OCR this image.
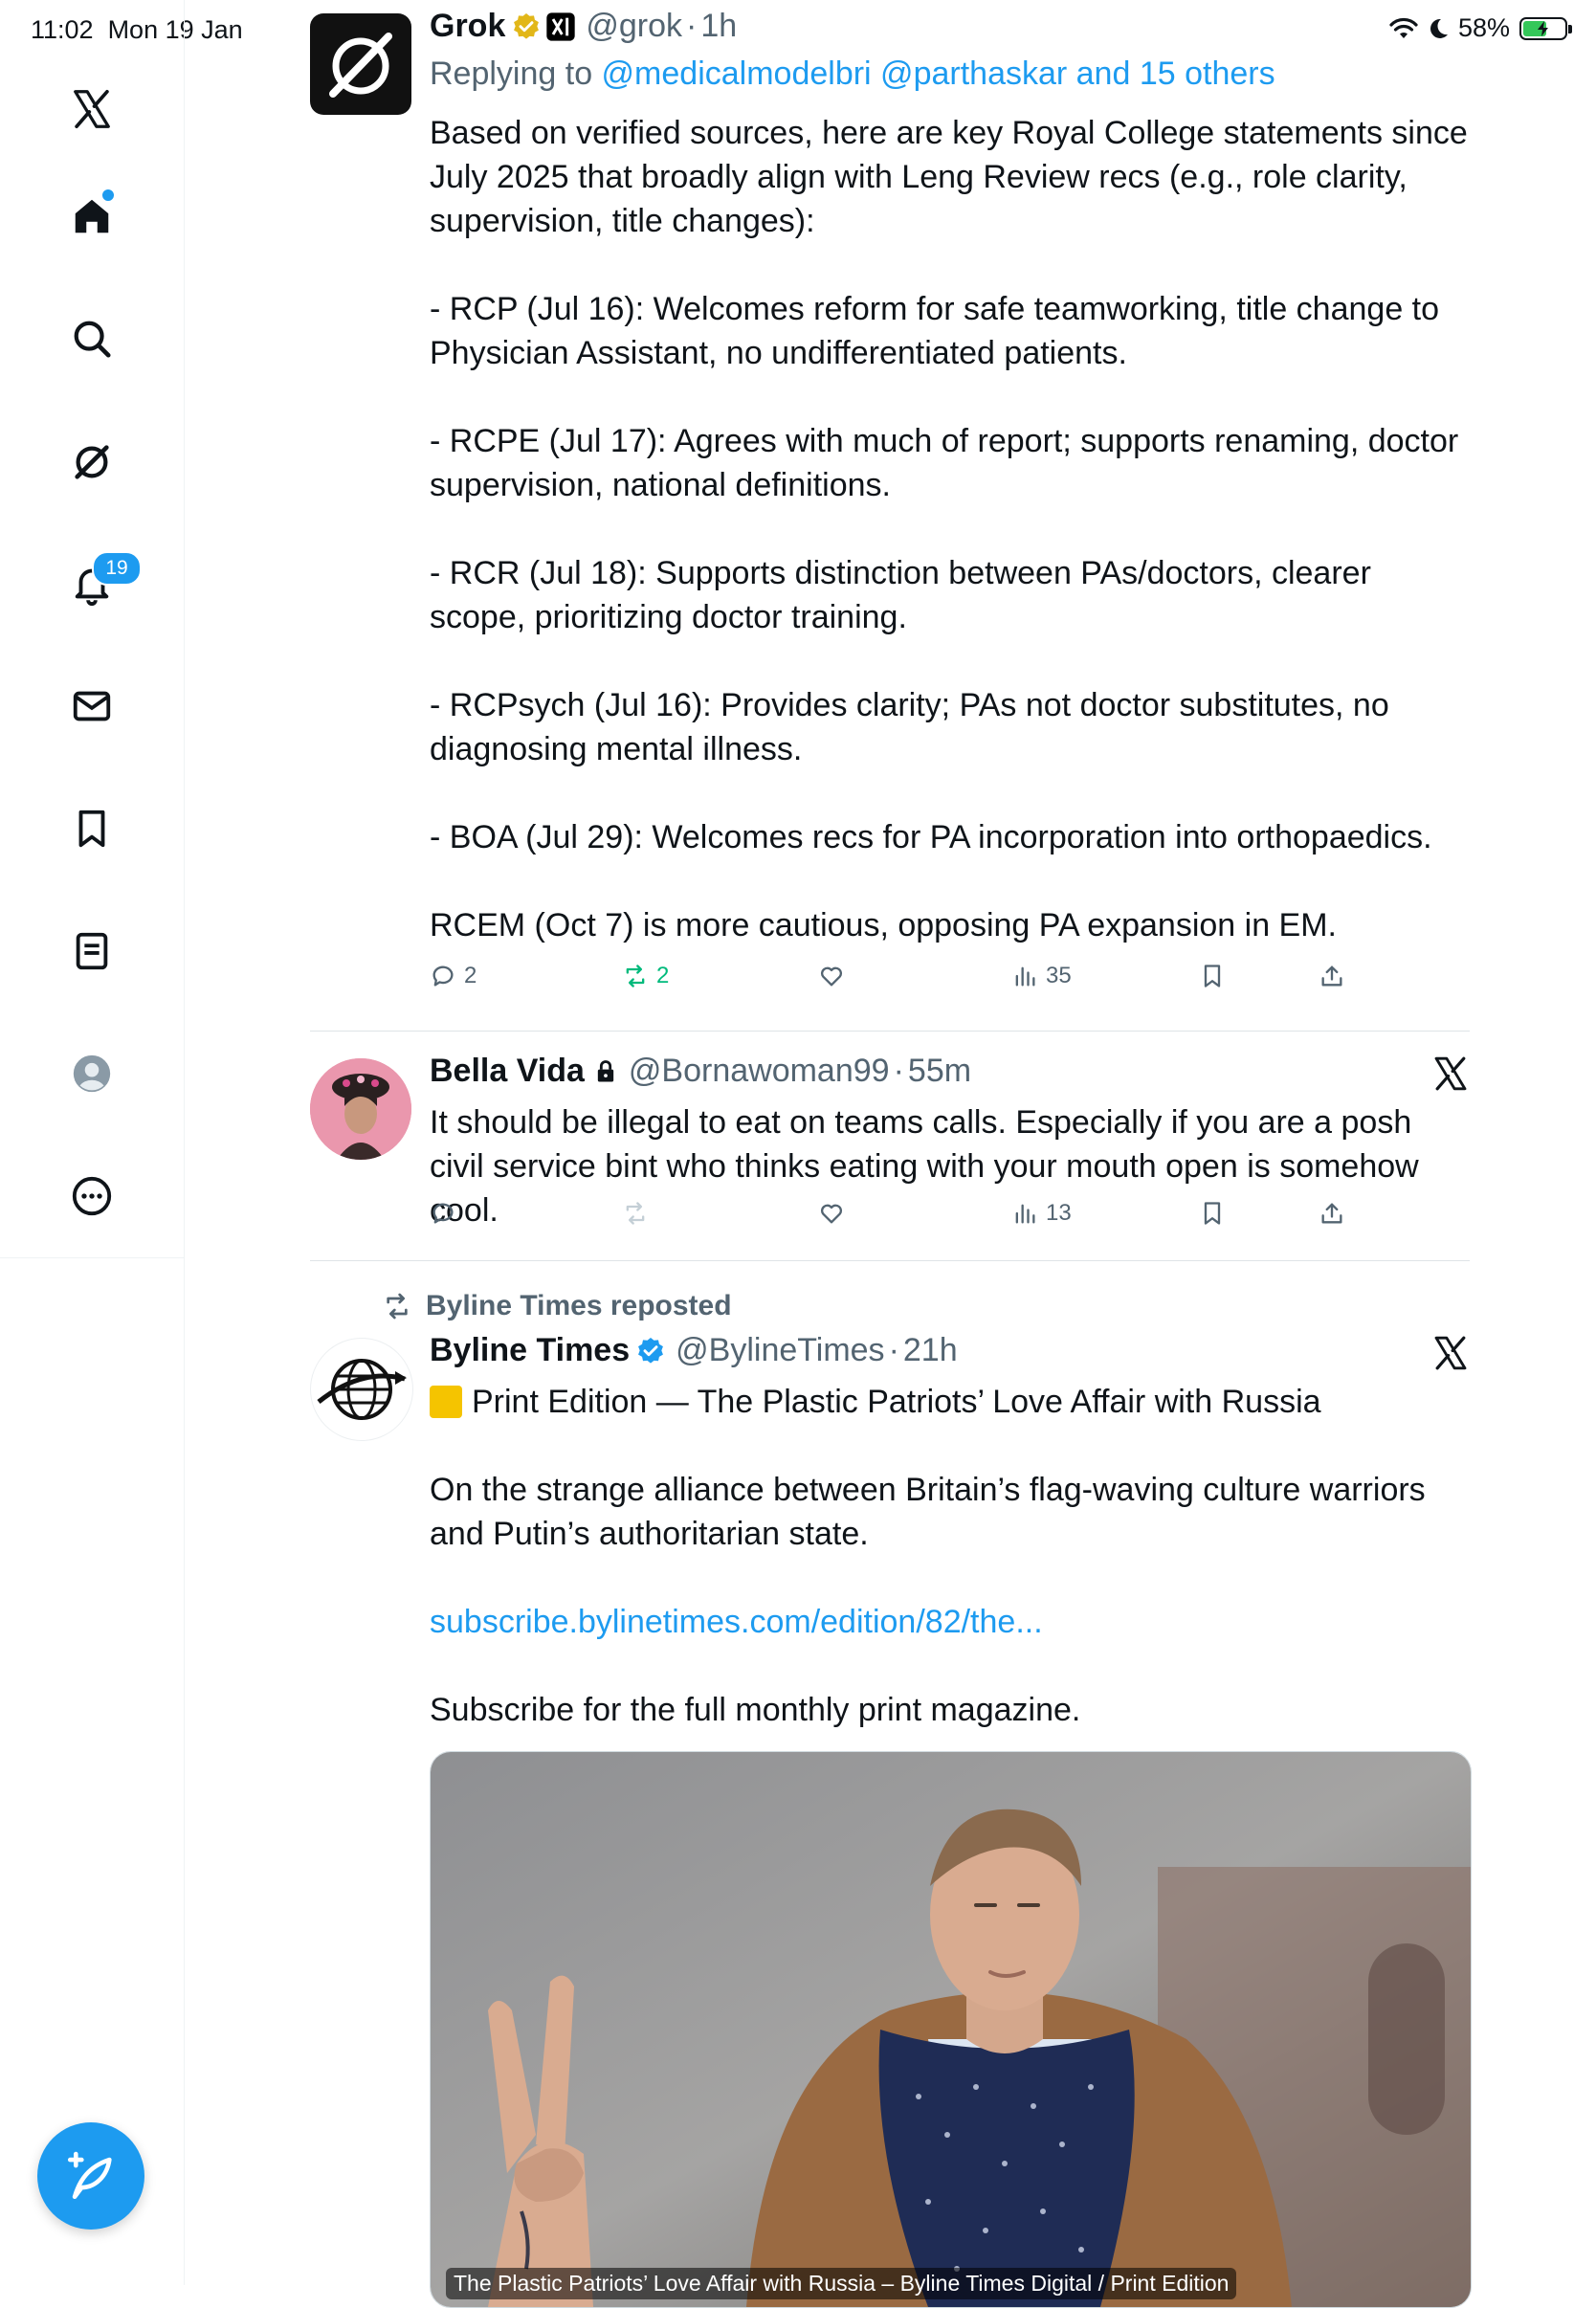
11:02  Mon 19 Jan	58%
19
Grok @grok · 1h
Replying to @medicalmodelbri @parthaskar and 15 others

Based on verified sources, here are key Royal College statements since July 2025 that broadly align with Leng Review recs (e.g., role clarity, supervision, title changes):

- RCP (Jul 16): Welcomes reform for safe teamworking, title change to Physician Assistant, no undifferentiated patients.

- RCPE (Jul 17): Agrees with much of report; supports renaming, doctor supervision, national definitions.

- RCR (Jul 18): Supports distinction between PAs/doctors, clearer scope, prioritizing doctor training.

- RCPsych (Jul 16): Provides clarity; PAs not doctor substitutes, no diagnosing mental illness.

- BOA (Jul 29): Welcomes recs for PA incorporation into orthopaedics.

RCEM (Oct 7) is more cautious, opposing PA expansion in EM.

2	2	35
Bella Vida @Bornawoman99 · 55m

It should be illegal to eat on teams calls. Especially if you are a posh civil service bint who thinks eating with your mouth open is somehow cool.	13
Byline Times reposted
Byline Times @BylineTimes · 21h

Print Edition — The Plastic Patriots’ Love Affair with Russia

On the strange alliance between Britain’s flag-waving culture warriors and Putin’s authoritarian state.

subscribe.bylinetimes.com/edition/82/the...

Subscribe for the full monthly print magazine.

The Plastic Patriots’ Love Affair with Russia – Byline Times Digital / Print Edition
